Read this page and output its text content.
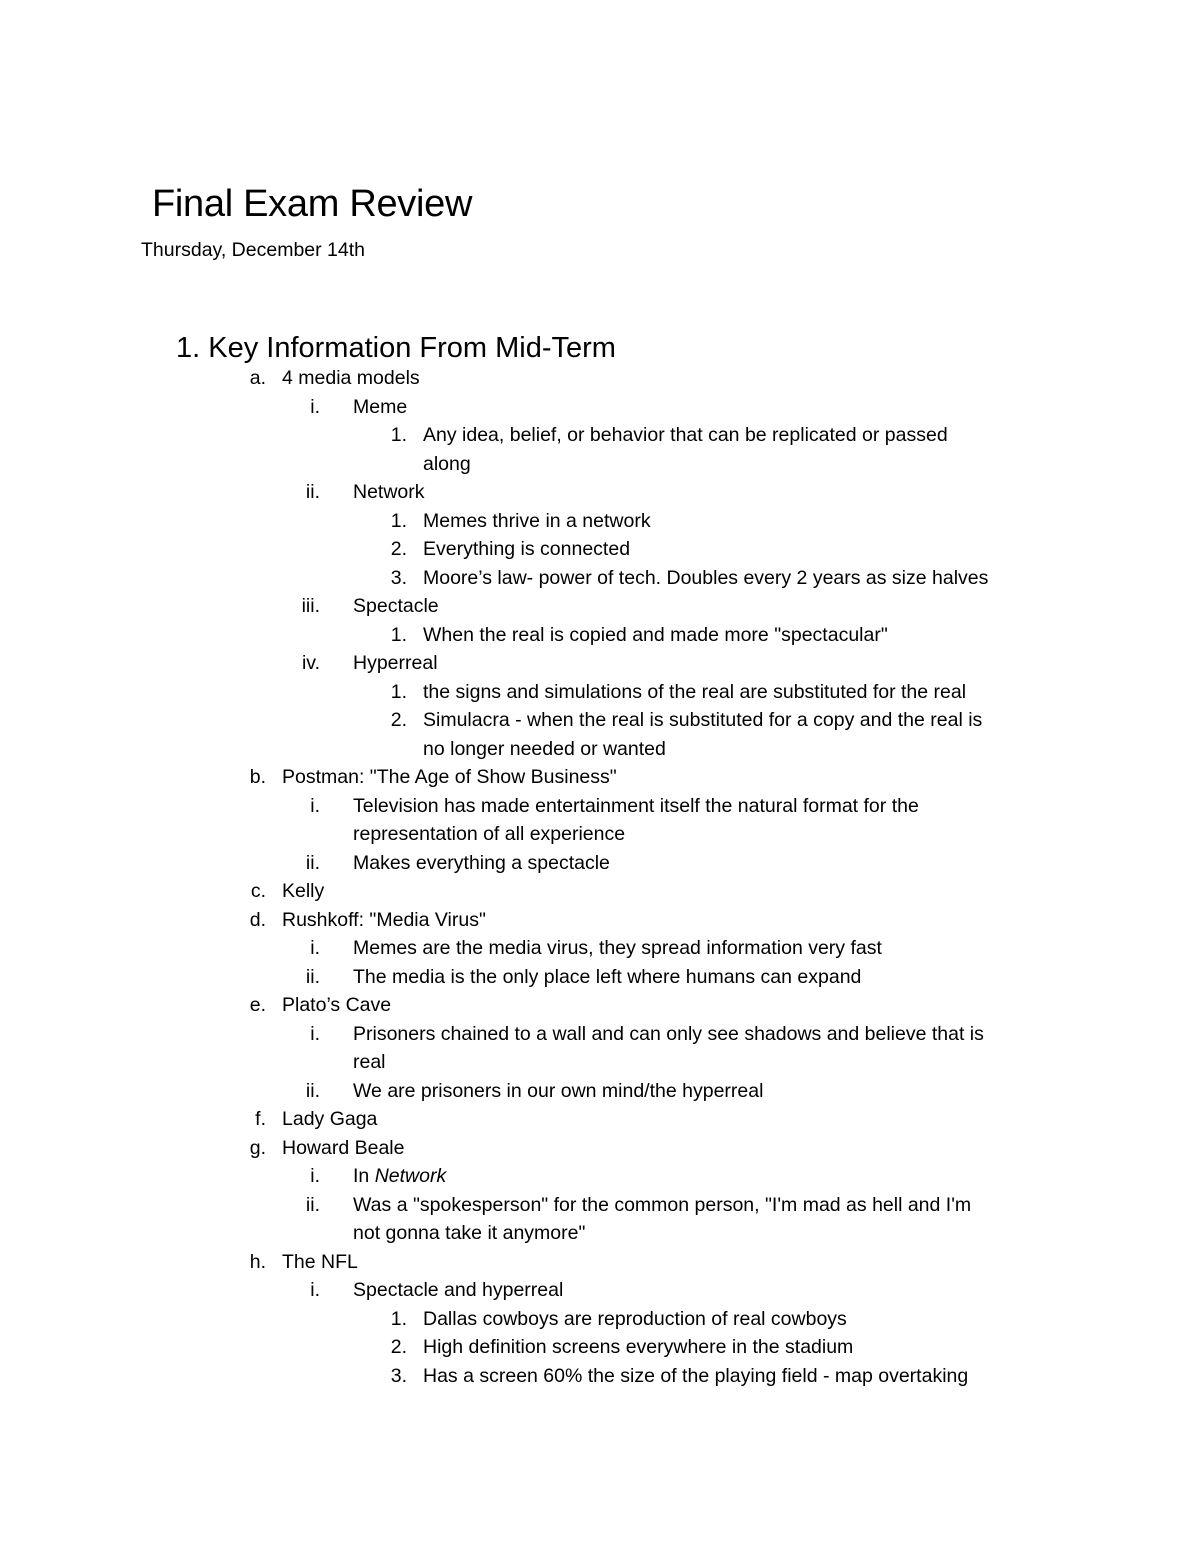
Final Exam Review
Thursday, December 14th
1. Key Information From Mid-Term
a. 4 media models
i. Meme
1. Any idea, belief, or behavior that can be replicated or passed
along
ii. Network
1. Memes thrive in a network
2. Everything is connected
3. Moore’s law- power of tech. Doubles every 2 years as size halves
iii. Spectacle
1. When the real is copied and made more "spectacular"
iv. Hyperreal
1. the signs and simulations of the real are substituted for the real
2. Simulacra - when the real is substituted for a copy and the real is
no longer needed or wanted
b. Postman: "The Age of Show Business"
i. Television has made entertainment itself the natural format for the
representation of all experience
ii. Makes everything a spectacle
c. Kelly
d. Rushkoff: "Media Virus"
i. Memes are the media virus, they spread information very fast
ii. The media is the only place left where humans can expand
e. Plato’s Cave
i. Prisoners chained to a wall and can only see shadows and believe that is
real
ii. We are prisoners in our own mind/the hyperreal
f. Lady Gaga
g. Howard Beale
i. In Network
ii. Was a "spokesperson" for the common person, "I'm mad as hell and I'm
not gonna take it anymore"
h. The NFL
i. Spectacle and hyperreal
1. Dallas cowboys are reproduction of real cowboys
2. High definition screens everywhere in the stadium
3. Has a screen 60% the size of the playing field - map overtaking
